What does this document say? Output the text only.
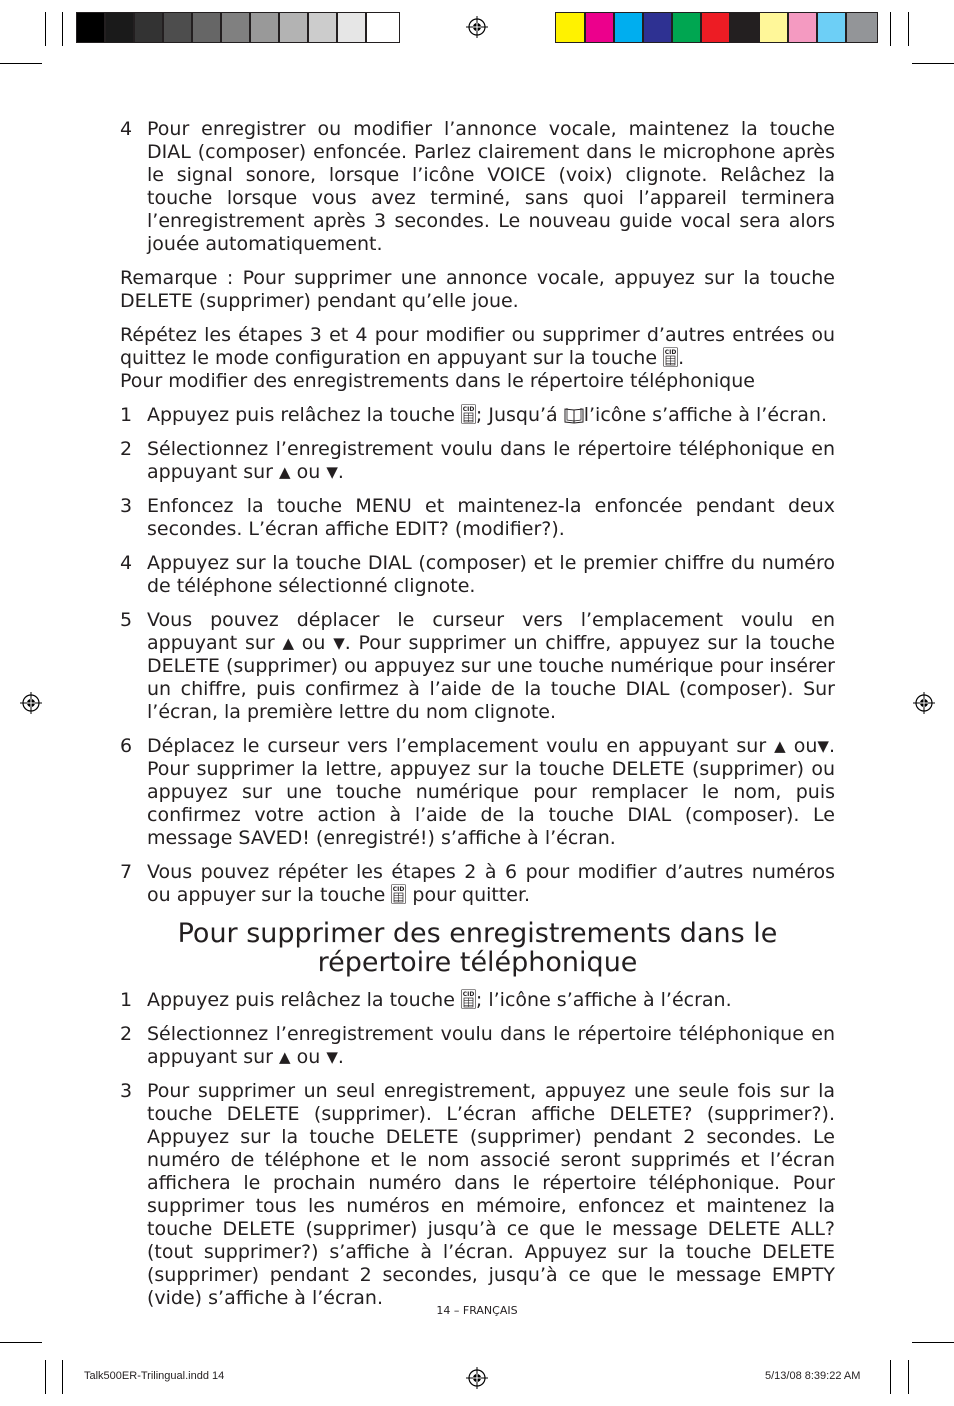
4 Pour enregistrer ou modifier l’annonce vocale, maintenez la touche DIAL (composer) enfoncée. Parlez clairement dans le microphone après le signal sonore, lorsque l’icône VOICE (voix) clignote. Relâchez la touche lorsque vous avez terminé, sans quoi l’appareil terminera l’enregistrement après 3 secondes. Le nouveau guide vocal sera alors jouée automatiquement.
Remarque : Pour supprimer une annonce vocale, appuyez sur la touche DELETE (supprimer) pendant qu’elle joue.
Répétez les étapes 3 et 4 pour modifier ou supprimer d’autres entrées ou quittez le mode configuration en appuyant sur la touche CID .
Pour modifier des enregistrements dans le répertoire téléphonique
1 Appuyez puis relâchez la touche CID ; Jusqu’á l’icône s’affiche à l’écran.
2 Sélectionnez l’enregistrement voulu dans le répertoire téléphonique en appuyant sur ▲ ou ▼.
3 Enfoncez la touche MENU et maintenez-la enfoncée pendant deux secondes. L’écran affiche EDIT? (modifier?).
4 Appuyez sur la touche DIAL (composer) et le premier chiffre du numéro de téléphone sélectionné clignote.
5 Vous pouvez déplacer le curseur vers l’emplacement voulu en appuyant sur ▲ ou ▼. Pour supprimer un chiffre, appuyez sur la touche DELETE (supprimer) ou appuyez sur une touche numérique pour insérer un chiffre, puis confirmez à l’aide de la touche DIAL (composer). Sur l’écran, la première lettre du nom clignote.
6 Déplacez le curseur vers l’emplacement voulu en appuyant sur ▲ ou▼. Pour supprimer la lettre, appuyez sur la touche DELETE (supprimer) ou appuyez sur une touche numérique pour remplacer le nom, puis confirmez votre action à l’aide de la touche DIAL (composer). Le message SAVED! (enregistré!) s’affiche à l’écran.
7 Vous pouvez répéter les étapes 2 à 6 pour modifier d’autres numéros ou appuyer sur la touche CID pour quitter.
Pour supprimer des enregistrements dans le répertoire téléphonique
1 Appuyez puis relâchez la touche CID ; l’icône s’affiche à l’écran.
2 Sélectionnez l’enregistrement voulu dans le répertoire téléphonique en appuyant sur ▲ ou ▼.
3 Pour supprimer un seul enregistrement, appuyez une seule fois sur la touche DELETE (supprimer). L’écran affiche DELETE? (supprimer?). Appuyez sur la touche DELETE (supprimer) pendant 2 secondes. Le numéro de téléphone et le nom associé seront supprimés et l’écran affichera le prochain numéro dans le répertoire téléphonique. Pour supprimer tous les numéros en mémoire, enfoncez et maintenez la touche DELETE (supprimer) jusqu’à ce que le message DELETE ALL? (tout supprimer?) s’affiche à l’écran. Appuyez sur la touche DELETE (supprimer) pendant 2 secondes, jusqu’à ce que le message EMPTY (vide) s’affiche à l’écran.
14 – FRANÇAIS
Talk500ER-Trilingual.indd 14	5/13/08 8:39:22 AM
